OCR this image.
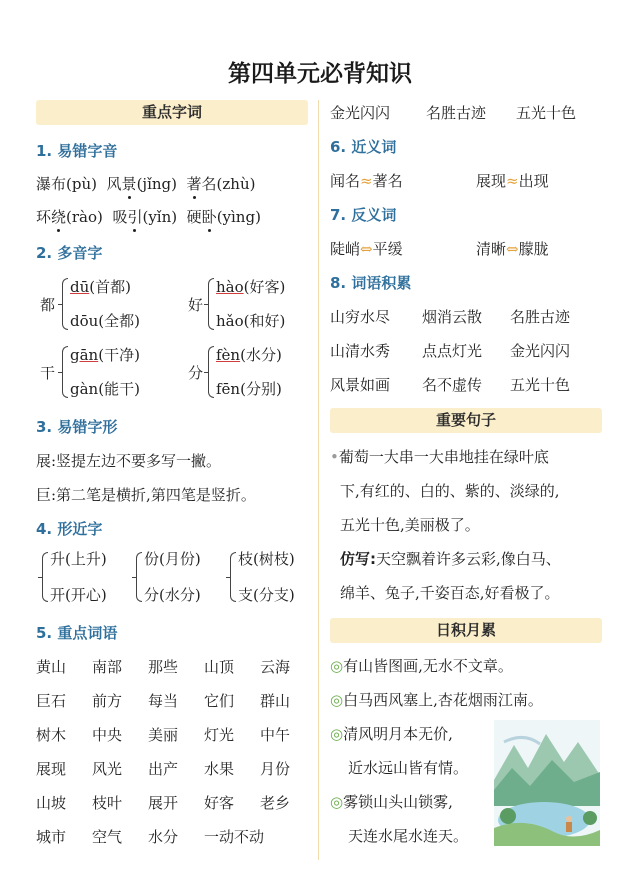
第四单元必背知识
重点字词
1. 易错字音
瀑布(pù) 风景(jǐng) 著名(zhù)
环绕(rào) 吸引(yǐn) 硬卧(yìng)
2. 多音字
都
dū(首都)
dōu(全都)
好
hào(好客)
hǎo(和好)
干
gān(干净)
gàn(能干)
分
fèn(水分)
fēn(分别)
3. 易错字形
展:竖提左边不要多写一撇。
巨:第二笔是横折,第四笔是竖折。
4. 形近字
升(上升)
开(开心)
份(月份)
分(水分)
枝(树枝)
支(分支)
5. 重点词语
黄山 南部 那些 山顶 云海
巨石 前方 每当 它们 群山
树木 中央 美丽 灯光 中午
展现 风光 出产 水果 月份
山坡 枝叶 展开 好客 老乡
城市 空气 水分 一动不动
金光闪闪 名胜古迹 五光十色
6. 近义词
闻名≈著名	展现≈出现
7. 反义词
陡峭⇔平缓	清晰⇔朦胧
8. 词语积累
山穷水尽 烟消云散 名胜古迹
山清水秀 点点灯光 金光闪闪
风景如画 名不虚传 五光十色
重要句子
•葡萄一大串一大串地挂在绿叶底
下,有红的、白的、紫的、淡绿的,
五光十色,美丽极了。
仿写:天空飘着许多云彩,像白马、
绵羊、兔子,千姿百态,好看极了。
日积月累
◎有山皆图画,无水不文章。
◎白马西风塞上,杏花烟雨江南。
◎清风明月本无价,
近水远山皆有情。
◎雾锁山头山锁雾,
天连水尾水连天。
